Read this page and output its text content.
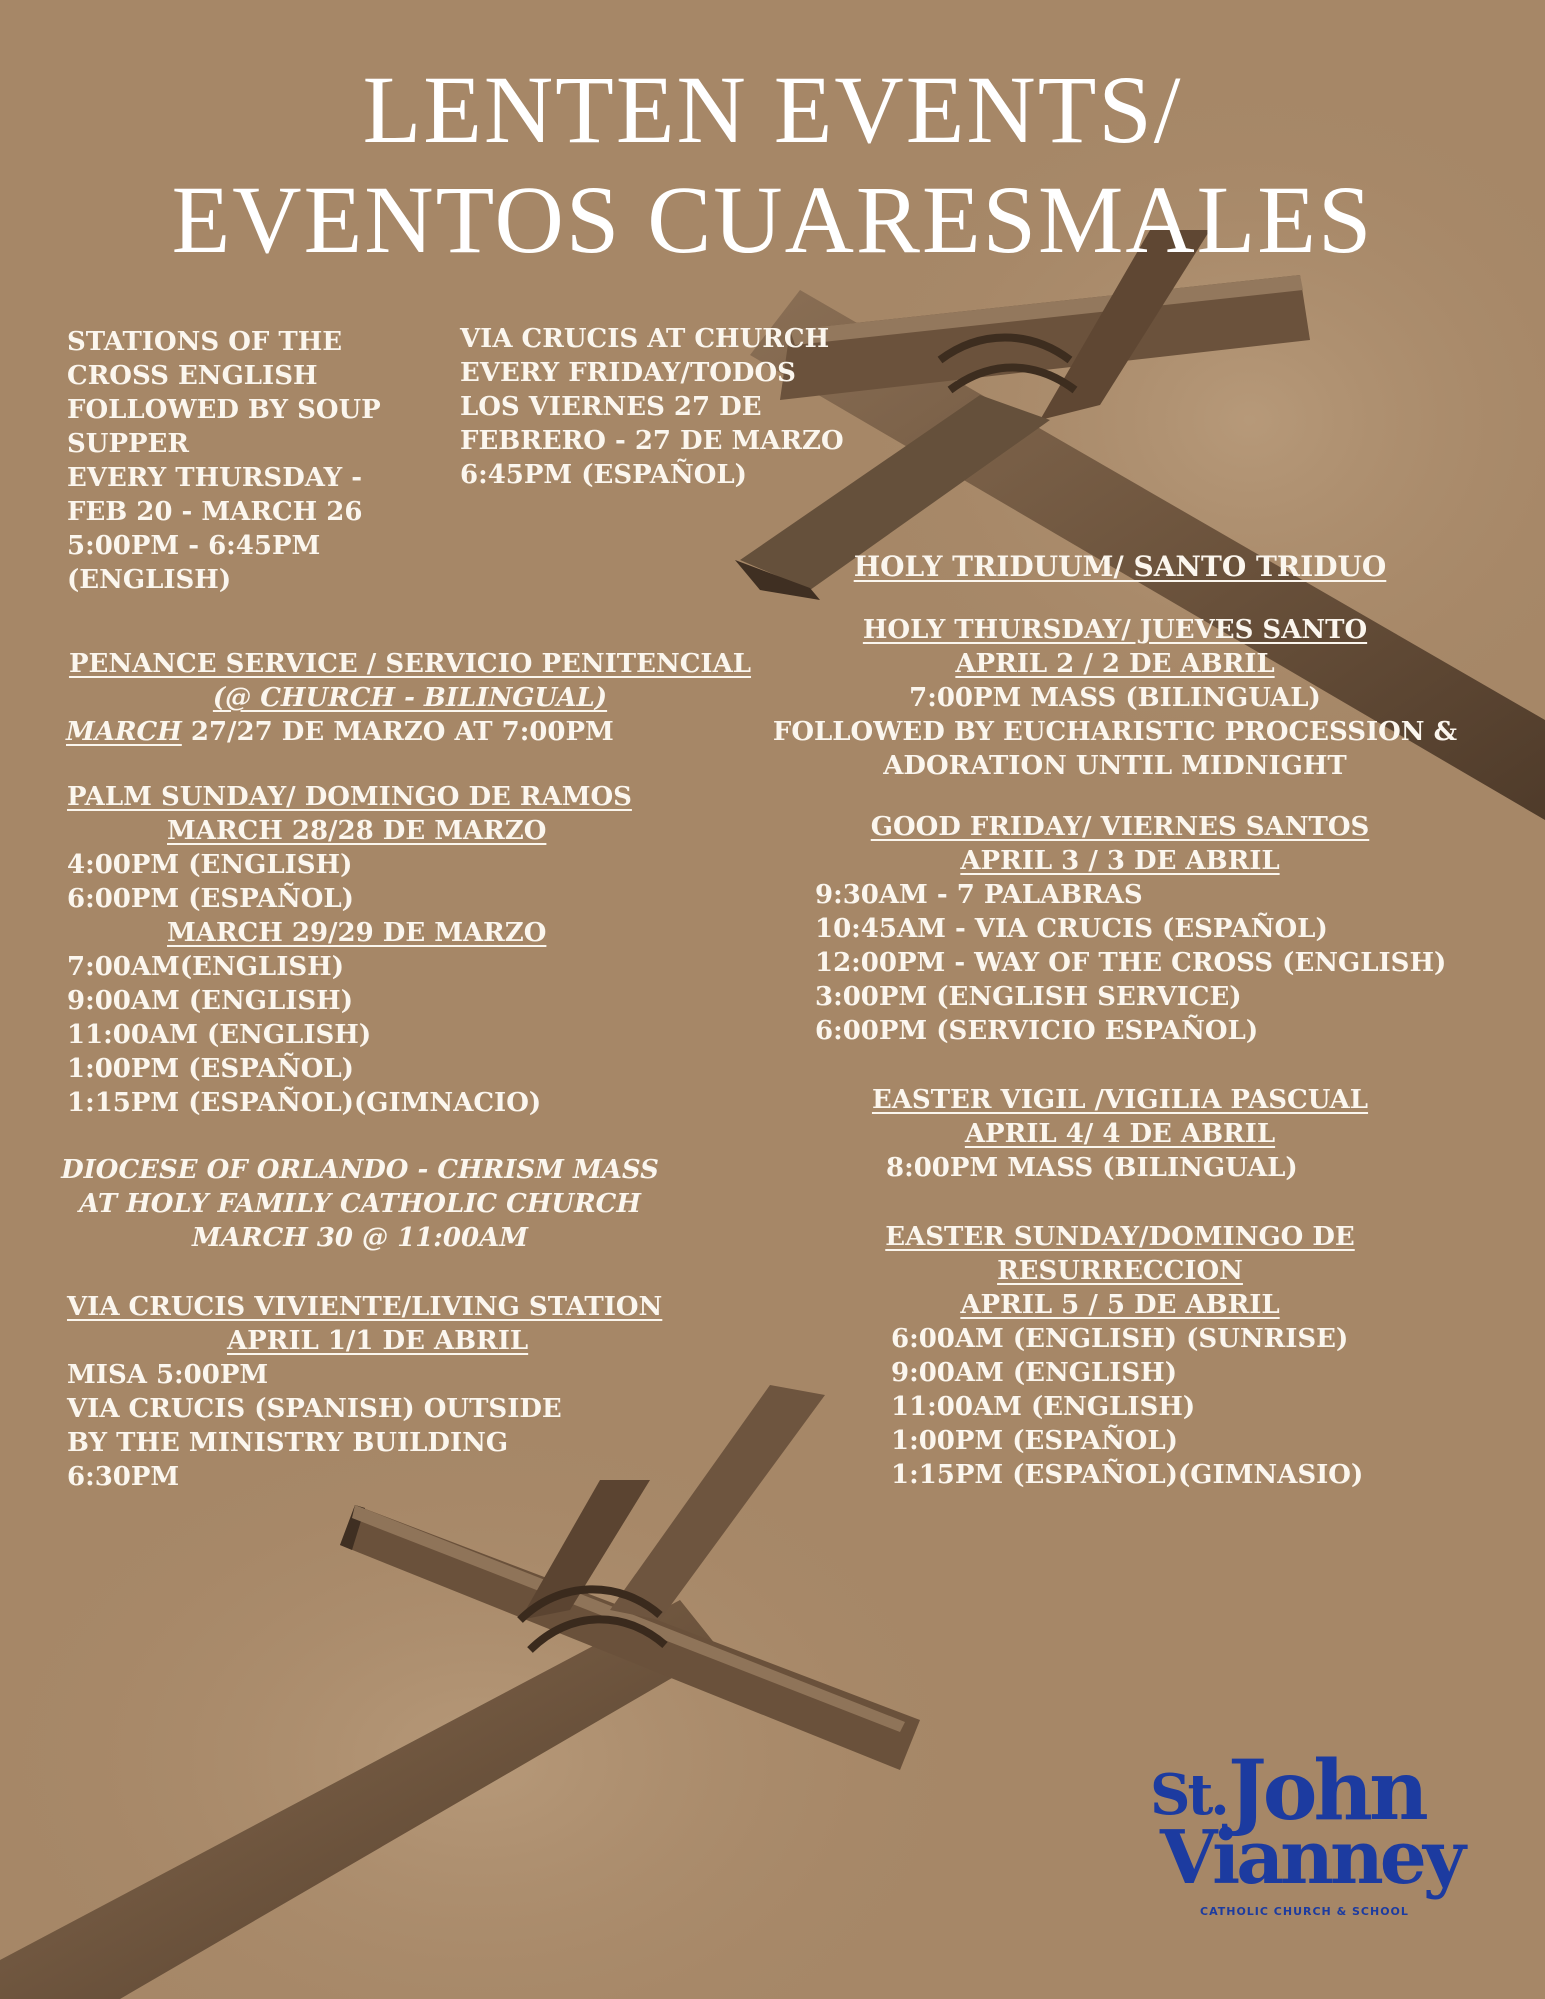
LENTEN EVENTS/
EVENTOS CUARESMALES
STATIONS OF THE
CROSS ENGLISH
FOLLOWED BY SOUP
SUPPER
EVERY THURSDAY -
FEB 20 - MARCH 26
5:00PM - 6:45PM
(ENGLISH)
VIA CRUCIS AT CHURCH
EVERY FRIDAY/TODOS
LOS VIERNES 27 DE
FEBRERO - 27 DE MARZO
6:45PM (ESPAÑOL)
PENANCE SERVICE / SERVICIO PENITENCIAL
(@ CHURCH - BILINGUAL)
MARCH 27/27 DE MARZO AT 7:00PM
PALM SUNDAY/ DOMINGO DE RAMOS
MARCH 28/28 DE MARZO
4:00PM (ENGLISH)
6:00PM (ESPAÑOL)
MARCH 29/29 DE MARZO
7:00AM(ENGLISH)
9:00AM (ENGLISH)
11:00AM (ENGLISH)
1:00PM (ESPAÑOL)
1:15PM (ESPAÑOL)(GIMNACIO)
DIOCESE OF ORLANDO - CHRISM MASS
AT HOLY FAMILY CATHOLIC CHURCH
MARCH 30 @ 11:00AM
VIA CRUCIS VIVIENTE/LIVING STATION
APRIL 1/1 DE ABRIL
MISA 5:00PM
VIA CRUCIS (SPANISH) OUTSIDE
BY THE MINISTRY BUILDING
6:30PM
HOLY TRIDUUM/ SANTO TRIDUO
HOLY THURSDAY/ JUEVES SANTO
APRIL 2 / 2 DE ABRIL
7:00PM MASS (BILINGUAL)
FOLLOWED BY EUCHARISTIC PROCESSION &
ADORATION UNTIL MIDNIGHT
GOOD FRIDAY/ VIERNES SANTOS
APRIL 3 / 3 DE ABRIL
9:30AM - 7 PALABRAS
10:45AM - VIA CRUCIS (ESPAÑOL)
12:00PM - WAY OF THE CROSS (ENGLISH)
3:00PM (ENGLISH SERVICE)
6:00PM (SERVICIO ESPAÑOL)
EASTER VIGIL /VIGILIA PASCUAL
APRIL 4/ 4 DE ABRIL
8:00PM MASS (BILINGUAL)
EASTER SUNDAY/DOMINGO DE
RESURRECCION
APRIL 5 / 5 DE ABRIL
6:00AM (ENGLISH) (SUNRISE)
9:00AM (ENGLISH)
11:00AM (ENGLISH)
1:00PM (ESPAÑOL)
1:15PM (ESPAÑOL)(GIMNASIO)
St. John
Vianney
CATHOLIC CHURCH & SCHOOL
